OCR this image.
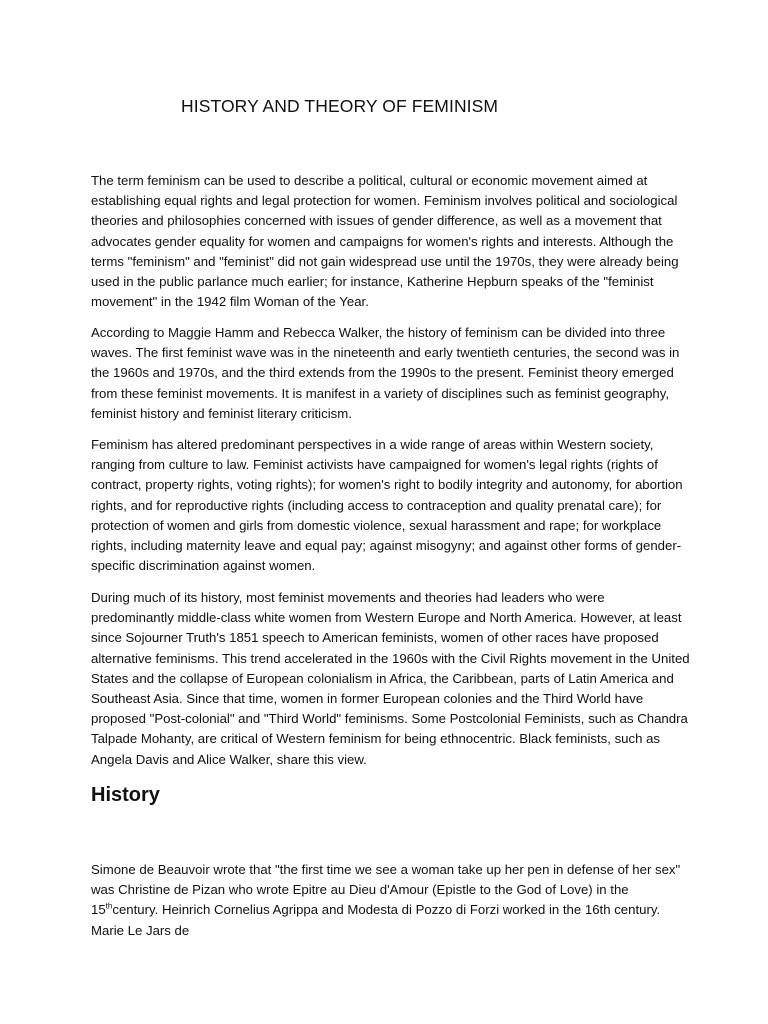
HISTORY AND THEORY OF FEMINISM

The term feminism can be used to describe a political, cultural or economic movement aimed at establishing equal rights and legal protection for women. Feminism involves political and sociological theories and philosophies concerned with issues of gender difference, as well as a movement that advocates gender equality for women and campaigns for women's rights and interests. Although the terms "feminism" and "feminist" did not gain widespread use until the 1970s, they were already being used in the public parlance much earlier; for instance, Katherine Hepburn speaks of the "feminist movement" in the 1942 film Woman of the Year.

According to Maggie Hamm and Rebecca Walker, the history of feminism can be divided into three waves. The first feminist wave was in the nineteenth and early twentieth centuries, the second was in the 1960s and 1970s, and the third extends from the 1990s to the present. Feminist theory emerged from these feminist movements. It is manifest in a variety of disciplines such as feminist geography, feminist history and feminist literary criticism.

Feminism has altered predominant perspectives in a wide range of areas within Western society, ranging from culture to law. Feminist activists have campaigned for women's legal rights (rights of contract, property rights, voting rights); for women's right to bodily integrity and autonomy, for abortion rights, and for reproductive rights (including access to contraception and quality prenatal care); for protection of women and girls from domestic violence, sexual harassment and rape; for workplace rights, including maternity leave and equal pay; against misogyny; and against other forms of gender-specific discrimination against women.

During much of its history, most feminist movements and theories had leaders who were predominantly middle-class white women from Western Europe and North America. However, at least since Sojourner Truth's 1851 speech to American feminists, women of other races have proposed alternative feminisms. This trend accelerated in the 1960s with the Civil Rights movement in the United States and the collapse of European colonialism in Africa, the Caribbean, parts of Latin America and Southeast Asia. Since that time, women in former European colonies and the Third World have proposed "Post-colonial" and "Third World" feminisms. Some Postcolonial Feminists, such as Chandra Talpade Mohanty, are critical of Western feminism for being ethnocentric. Black feminists, such as Angela Davis and Alice Walker, share this view.

History

Simone de Beauvoir wrote that "the first time we see a woman take up her pen in defense of her sex" was Christine de Pizan who wrote Epitre au Dieu d'Amour (Epistle to the God of Love) in the 15thcentury. Heinrich Cornelius Agrippa and Modesta di Pozzo di Forzi worked in the 16th century. Marie Le Jars de
